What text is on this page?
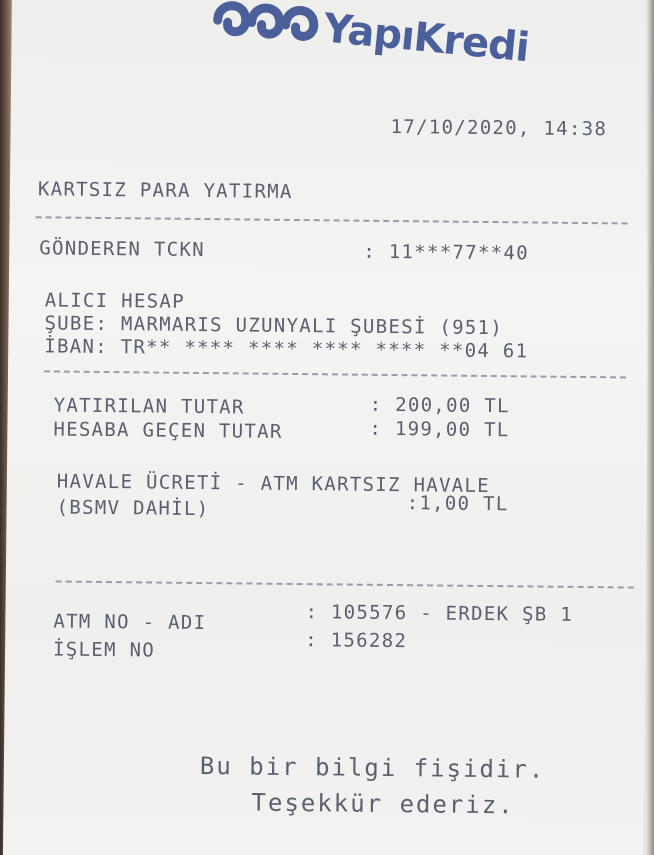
YapıKredi
17/10/2020, 14:38
KARTSIZ PARA YATIRMA
GÖNDEREN TCKN	: 11***77**40
ALICI HESAP
ŞUBE: MARMARIS UZUNYALI ŞUBESİ (951)
İBAN: TR** **** **** **** **** **04 61
YATIRILAN TUTAR	: 200,00 TL
HESABA GEÇEN TUTAR	: 199,00 TL
HAVALE ÜCRETİ - ATM KARTSIZ HAVALE
(BSMV DAHİL)	:1,00 TL
ATM NO - ADI	: 105576 - ERDEK ŞB 1
İŞLEM NO	: 156282
Bu bir bilgi fişidir.
Teşekkür ederiz.
